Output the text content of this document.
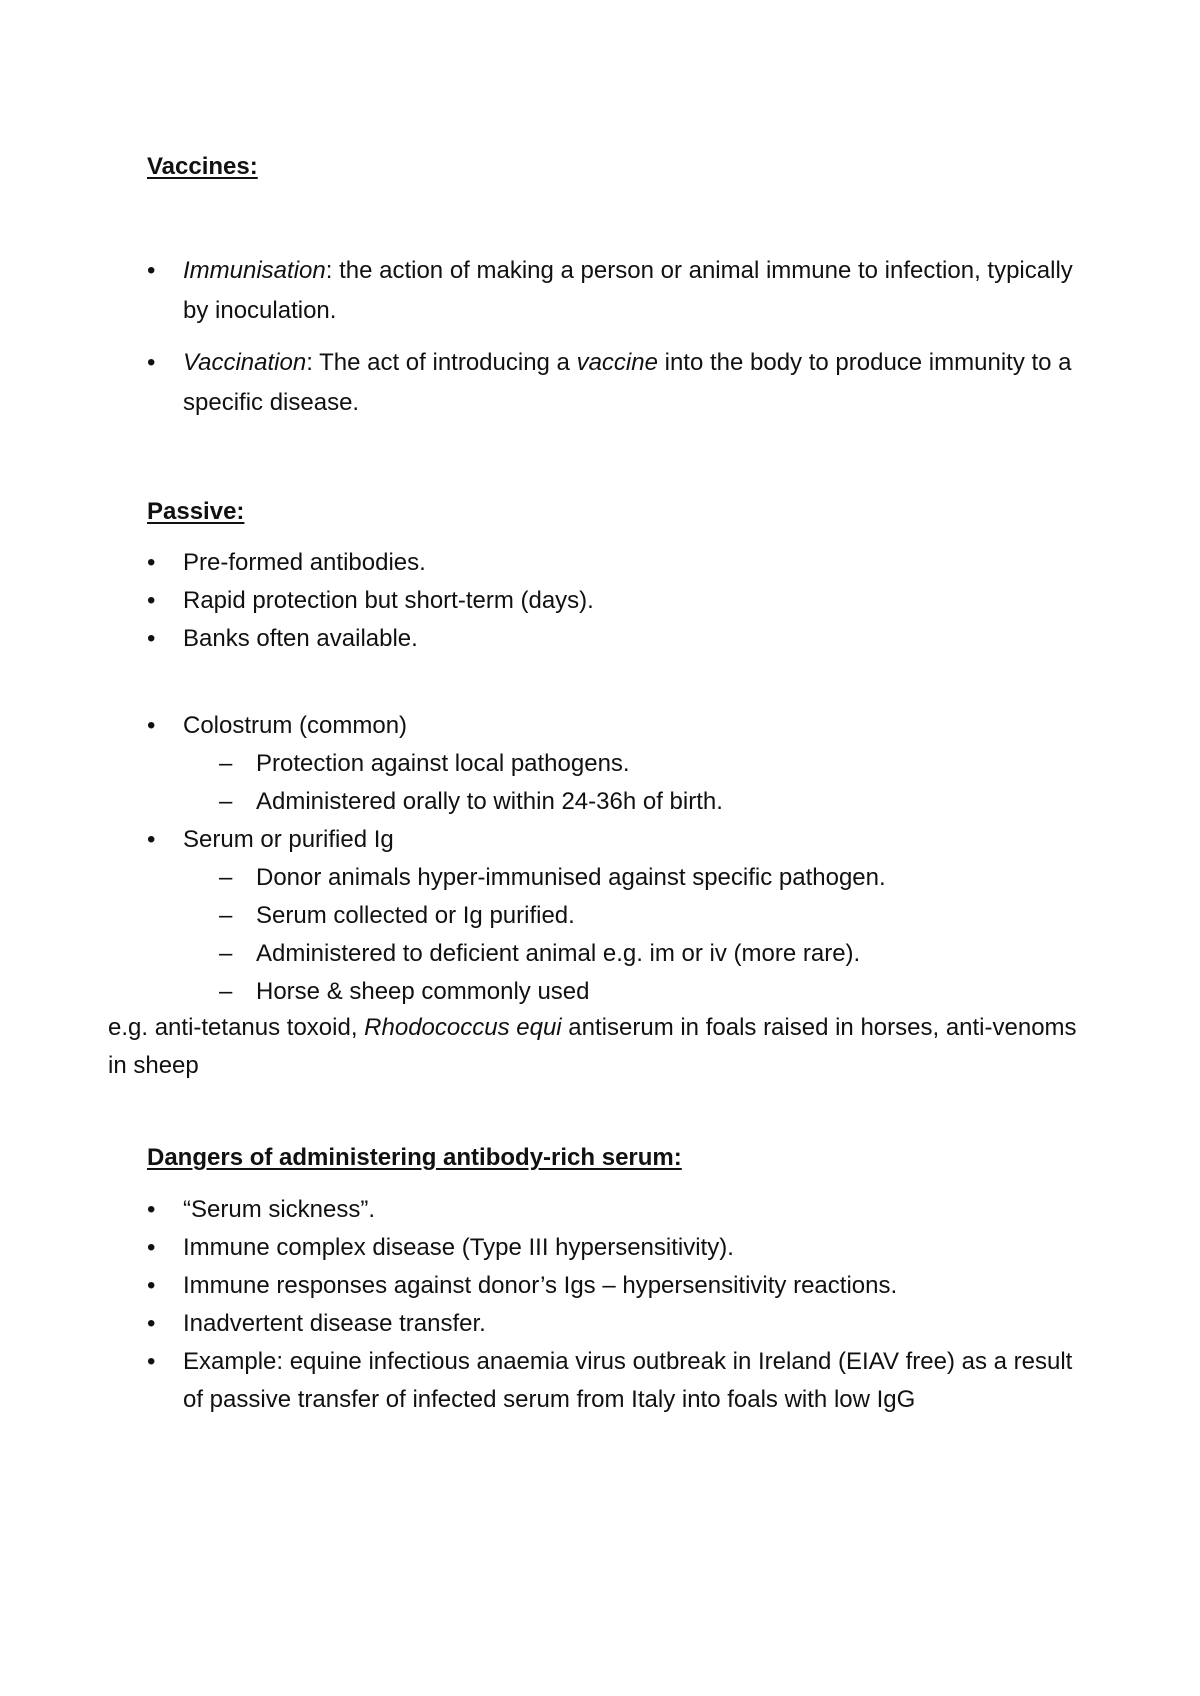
Vaccines:
• Immunisation: the action of making a person or animal immune to infection, typically by inoculation.
• Vaccination: The act of introducing a vaccine into the body to produce immunity to a specific disease.
Passive:
• Pre-formed antibodies.
• Rapid protection but short-term (days).
• Banks often available.
• Colostrum (common)
– Protection against local pathogens.
– Administered orally to within 24-36h of birth.
• Serum or purified Ig
– Donor animals hyper-immunised against specific pathogen.
– Serum collected or Ig purified.
– Administered to deficient animal e.g. im or iv (more rare).
– Horse & sheep commonly used
e.g. anti-tetanus toxoid, Rhodococcus equi antiserum in foals raised in horses, anti-venoms in sheep
Dangers of administering antibody-rich serum:
• “Serum sickness”.
• Immune complex disease (Type III hypersensitivity).
• Immune responses against donor’s Igs – hypersensitivity reactions.
• Inadvertent disease transfer.
• Example: equine infectious anaemia virus outbreak in Ireland (EIAV free) as a result of passive transfer of infected serum from Italy into foals with low IgG
